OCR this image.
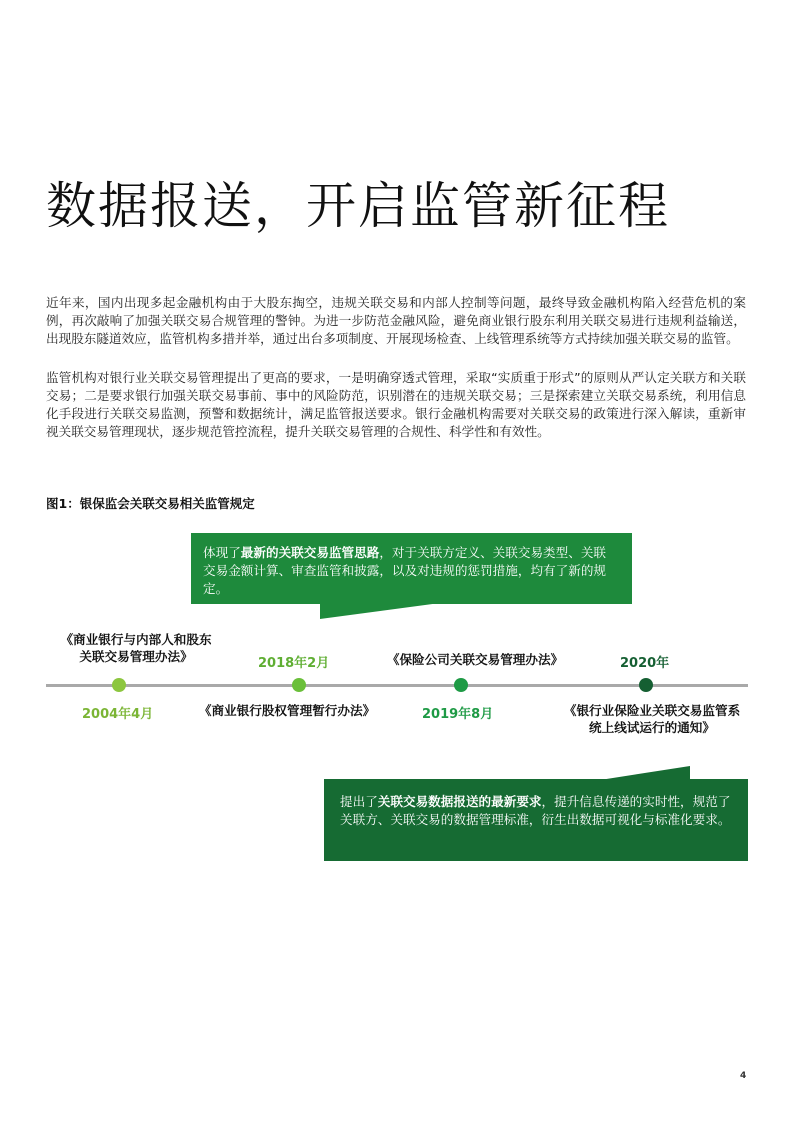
数据报送，开启监管新征程

近年来，国内出现多起金融机构由于大股东掏空，违规关联交易和内部人控制等问题，最终导致金融机构陷入经营危机的案例，再次敲响了加强关联交易合规管理的警钟。为进一步防范金融风险，避免商业银行股东利用关联交易进行违规利益输送，出现股东隧道效应，监管机构多措并举，通过出台多项制度、开展现场检查、上线管理系统等方式持续加强关联交易的监管。

监管机构对银行业关联交易管理提出了更高的要求，一是明确穿透式管理，采取“实质重于形式”的原则从严认定关联方和关联交易；二是要求银行加强关联交易事前、事中的风险防范，识别潜在的违规关联交易；三是探索建立关联交易系统，利用信息化手段进行关联交易监测，预警和数据统计，满足监管报送要求。银行金融机构需要对关联交易的政策进行深入解读，重新审视关联交易管理现状，逐步规范管控流程，提升关联交易管理的合规性、科学性和有效性。

图1：银保监会关联交易相关监管规定

体现了最新的关联交易监管思路，对于关联方定义、关联交易类型、关联交易金额计算、审查监管和披露，以及对违规的惩罚措施，均有了新的规定。
《商业银行与内部人和股东
关联交易管理办法》
2004年4月
2018年2月
《商业银行股权管理暂行办法》
《保险公司关联交易管理办法》
2019年8月
2020年
《银行业保险业关联交易监管系
统上线试运行的通知》
提出了关联交易数据报送的最新要求，提升信息传递的实时性，规范了关联方、关联交易的数据管理标准，衍生出数据可视化与标准化要求。
4
